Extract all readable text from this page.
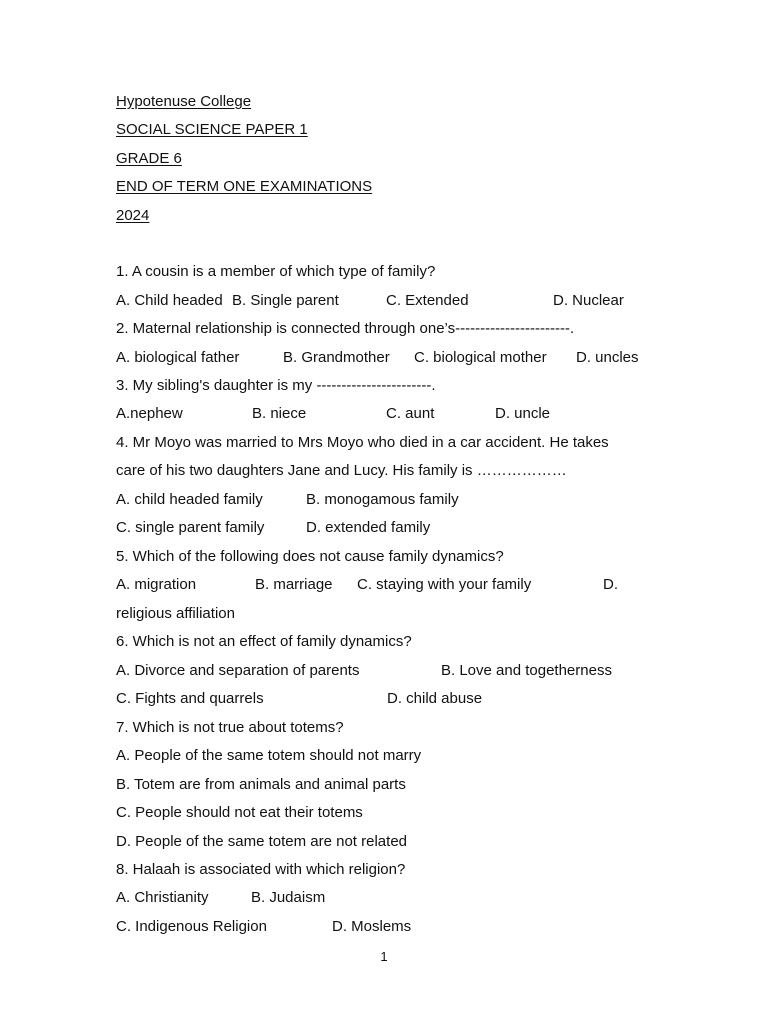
Hypotenuse College
SOCIAL SCIENCE PAPER 1
GRADE 6
END OF TERM ONE EXAMINATIONS
2024
1. A cousin is a member of which type of family?
A. Child headed B. Single parent	C. Extended	D. Nuclear
2. Maternal relationship is connected through one’s-----------------------.
A. biological father	B. Grandmother C. biological mother D. uncles
3. My sibling's daughter is my -----------------------.
A.nephew	B. niece	C. aunt	D. uncle
4. Mr Moyo was married to Mrs Moyo who died in a car accident. He takes
care of his two daughters Jane and Lucy. His family is ………………
A. child headed family	B. monogamous family
C. single parent family	D. extended family
5. Which of the following does not cause family dynamics?
A. migration	B. marriage C. staying with your family	D.
religious affiliation
6. Which is not an effect of family dynamics?
A. Divorce and separation of parents	B. Love and togetherness
C. Fights and quarrels	D. child abuse
7. Which is not true about totems?
A. People of the same totem should not marry
B. Totem are from animals and animal parts
C. People should not eat their totems
D. People of the same totem are not related
8. Halaah is associated with which religion?
A. Christianity	B. Judaism
C. Indigenous Religion	D. Moslems
1
